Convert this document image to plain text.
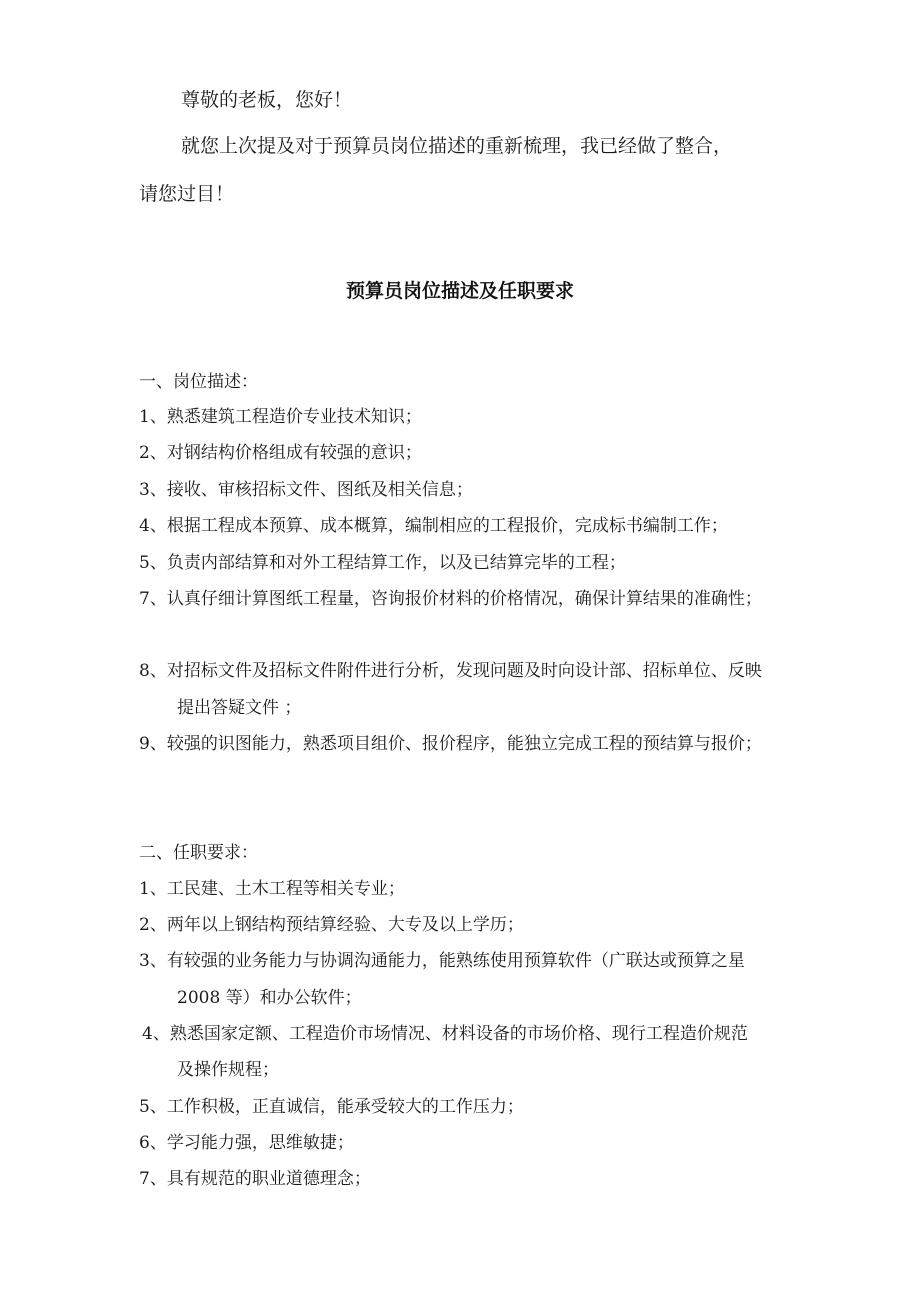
尊敬的老板，您好！
就您上次提及对于预算员岗位描述的重新梳理，我已经做了整合，
请您过目！
预算员岗位描述及任职要求
一、岗位描述：
1、熟悉建筑工程造价专业技术知识；
2、对钢结构价格组成有较强的意识；
3、接收、审核招标文件、图纸及相关信息；
4、根据工程成本预算、成本概算，编制相应的工程报价，完成标书编制工作；
5、负责内部结算和对外工程结算工作，以及已结算完毕的工程；
7、认真仔细计算图纸工程量，咨询报价材料的价格情况，确保计算结果的准确性；
8、对招标文件及招标文件附件进行分析，发现问题及时向设计部、招标单位、反映
提出答疑文件 ；
9、较强的识图能力，熟悉项目组价、报价程序，能独立完成工程的预结算与报价；
二、任职要求：
1、工民建、土木工程等相关专业；
2、两年以上钢结构预结算经验、大专及以上学历；
3、有较强的业务能力与协调沟通能力，能熟练使用预算软件（广联达或预算之星
2008 等）和办公软件；
4、熟悉国家定额、工程造价市场情况、材料设备的市场价格、现行工程造价规范
及操作规程；
5、工作积极，正直诚信，能承受较大的工作压力；
6、学习能力强，思维敏捷；
7、具有规范的职业道德理念；
